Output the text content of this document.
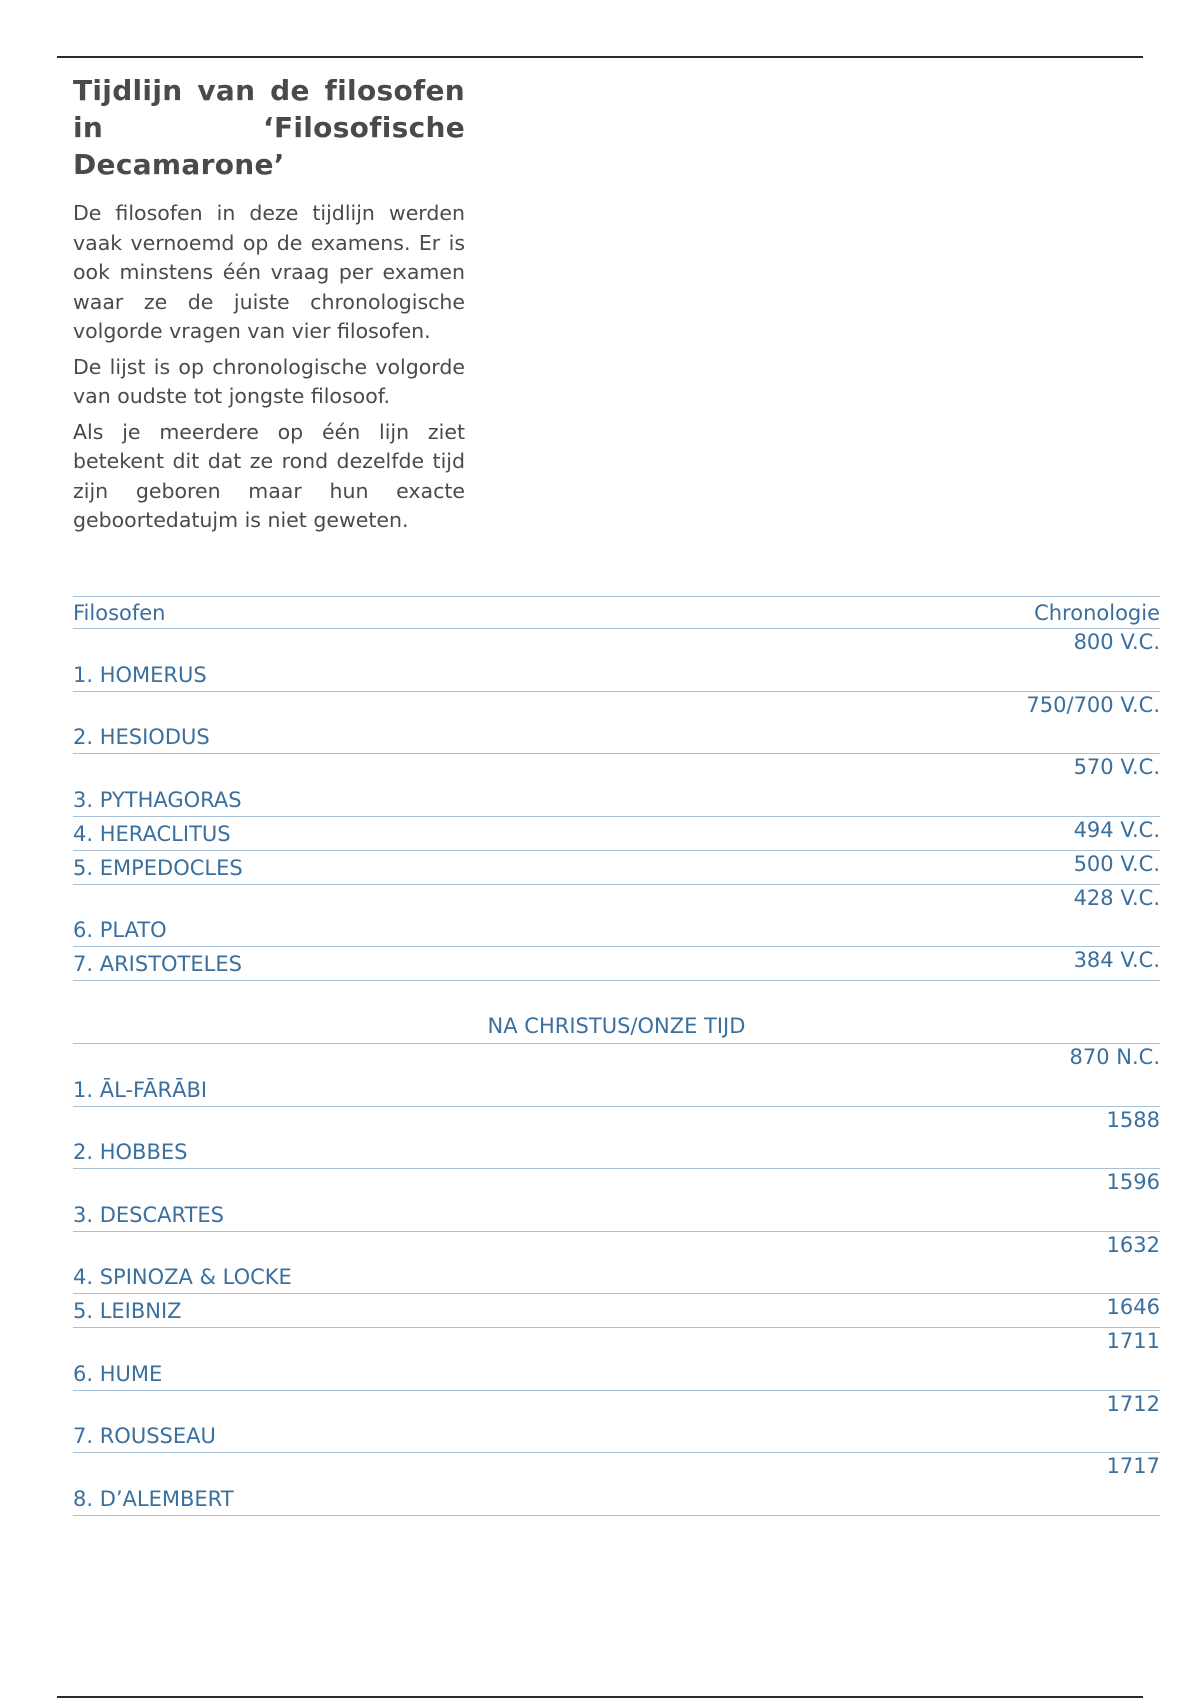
Tijdlijn van de filosofen in ‘Filosofische Decamarone’

De filosofen in deze tijdlijn werden vaak vernoemd op de examens. Er is ook minstens één vraag per examen waar ze de juiste chronologische volgorde vragen van vier filosofen.

De lijst is op chronologische volgorde van oudste tot jongste filosoof.

Als je meerdere op één lijn ziet betekent dit dat ze rond dezelfde tijd zijn geboren maar hun exacte geboortedatujm is niet geweten.

Filosofen	Chronologie
800 V.C.
1. HOMERUS
750/700 V.C.
2. HESIODUS
570 V.C.
3. PYTHAGORAS
494 V.C.
4. HERACLITUS
500 V.C.
5. EMPEDOCLES
428 V.C.
6. PLATO
384 V.C.
7. ARISTOTELES
NA CHRISTUS/ONZE TIJD
870 N.C.
1. ĀL-FĀRĀBI
1588
2. HOBBES
1596
3. DESCARTES
1632
4. SPINOZA & LOCKE
1646
5. LEIBNIZ
1711
6. HUME
1712
7. ROUSSEAU
1717
8. D’ALEMBERT
